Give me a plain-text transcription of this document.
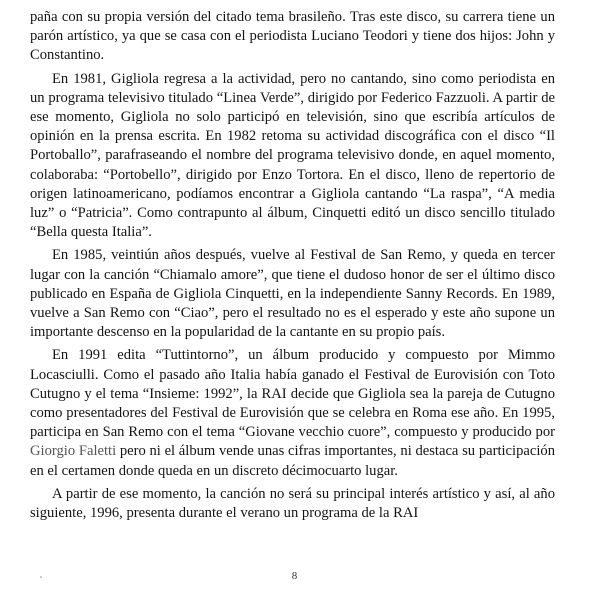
paña con su propia versión del citado tema brasileño. Tras este disco, su carrera tiene un parón artístico, ya que se casa con el periodista Luciano Teodori y tiene dos hijos: John y Constantino.

En 1981, Gigliola regresa a la actividad, pero no cantando, sino como periodista en un programa televisivo titulado “Linea Verde”, dirigido por Federico Fazzuoli. A partir de ese momento, Gigliola no solo participó en televisión, sino que escribía artículos de opinión en la prensa escrita. En 1982 retoma su actividad discográfica con el disco “Il Portoballo”, parafraseando el nombre del programa televisivo donde, en aquel momento, colaboraba: “Portobello”, dirigido por Enzo Tortora. En el disco, lleno de repertorio de origen latinoamericano, podíamos encontrar a Gigliola cantando “La raspa”, “A media luz” o “Patricia”. Como contrapunto al álbum, Cinquetti editó un disco sencillo titulado “Bella questa Italia”.

En 1985, veintiún años después, vuelve al Festival de San Remo, y queda en tercer lugar con la canción “Chiamalo amore”, que tiene el dudoso honor de ser el último disco publicado en España de Gigliola Cinquetti, en la independiente Sanny Records. En 1989, vuelve a San Remo con “Ciao”, pero el resultado no es el esperado y este año supone un importante descenso en la popularidad de la cantante en su propio país.

En 1991 edita “Tuttintorno”, un álbum producido y compuesto por Mimmo Locasciulli. Como el pasado año Italia había ganado el Festival de Eurovisión con Toto Cutugno y el tema “Insieme: 1992”, la RAI decide que Gigliola sea la pareja de Cutugno como presentadores del Festival de Eurovisión que se celebra en Roma ese año. En 1995, participa en San Remo con el tema “Giovane vecchio cuore”, compuesto y producido por Giorgio Faletti pero ni el álbum vende unas cifras importantes, ni destaca su participación en el certamen donde queda en un discreto décimocuarto lugar.

A partir de ese momento, la canción no será su principal interés artístico y así, al año siguiente, 1996, presenta durante el verano un programa de la RAI

8
